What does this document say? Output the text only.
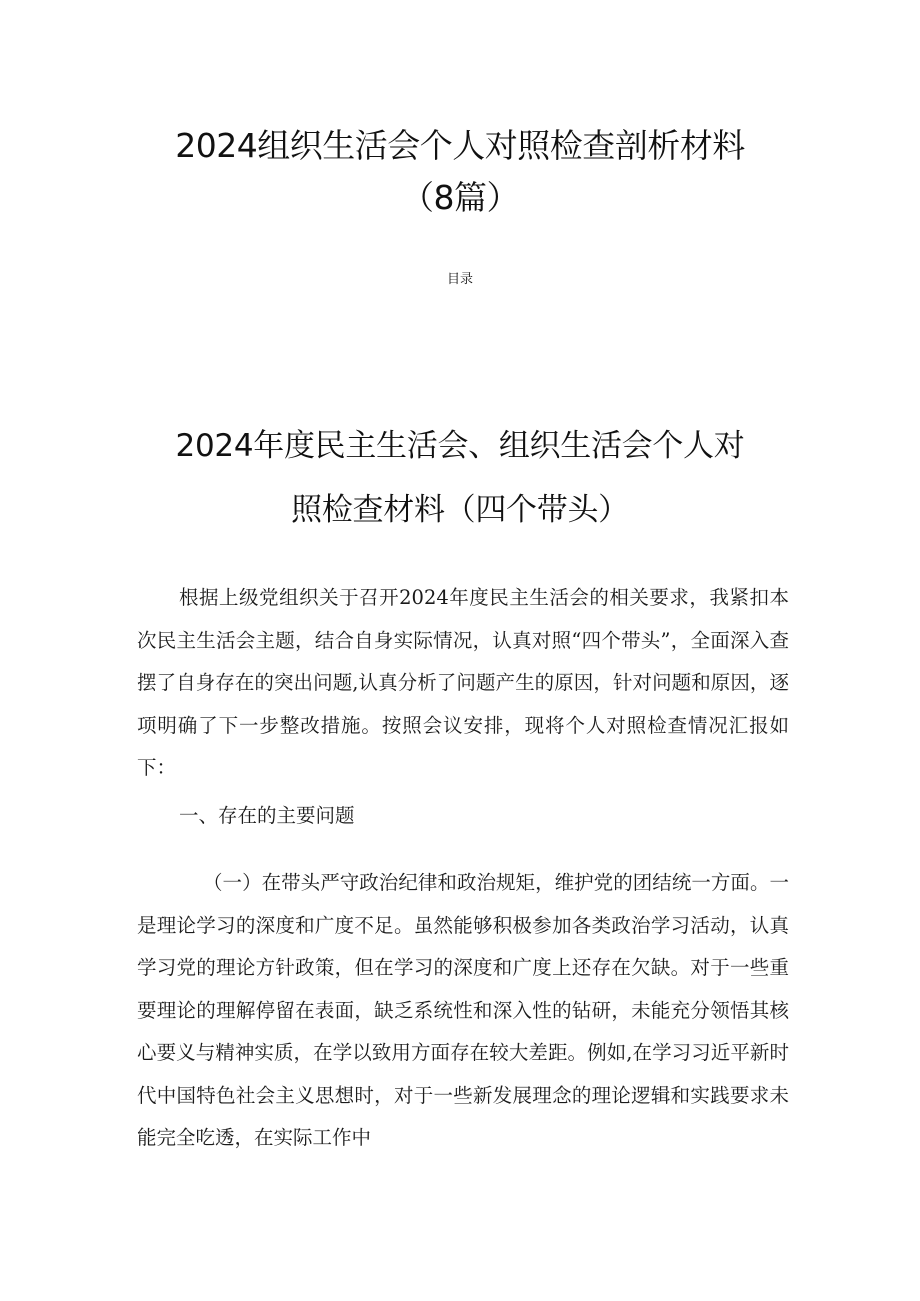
2024组织生活会个人对照检查剖析材料
（8篇）
目录
2024年度民主生活会、组织生活会个人对
照检查材料（四个带头）

根据上级党组织关于召开2024年度民主生活会的相关要求，我紧扣本次民主生活会主题，结合自身实际情况，认真对照“四个带头”，全面深入查摆了自身存在的突出问题,认真分析了问题产生的原因，针对问题和原因，逐项明确了下一步整改措施。按照会议安排，现将个人对照检查情况汇报如下：

一、存在的主要问题

（一）在带头严守政治纪律和政治规矩，维护党的团结统一方面。一是理论学习的深度和广度不足。虽然能够积极参加各类政治学习活动，认真学习党的理论方针政策，但在学习的深度和广度上还存在欠缺。对于一些重要理论的理解停留在表面，缺乏系统性和深入性的钻研，未能充分领悟其核心要义与精神实质，在学以致用方面存在较大差距。例如,在学习习近平新时代中国特色社会主义思想时，对于一些新发展理念的理论逻辑和实践要求未能完全吃透，在实际工作中
